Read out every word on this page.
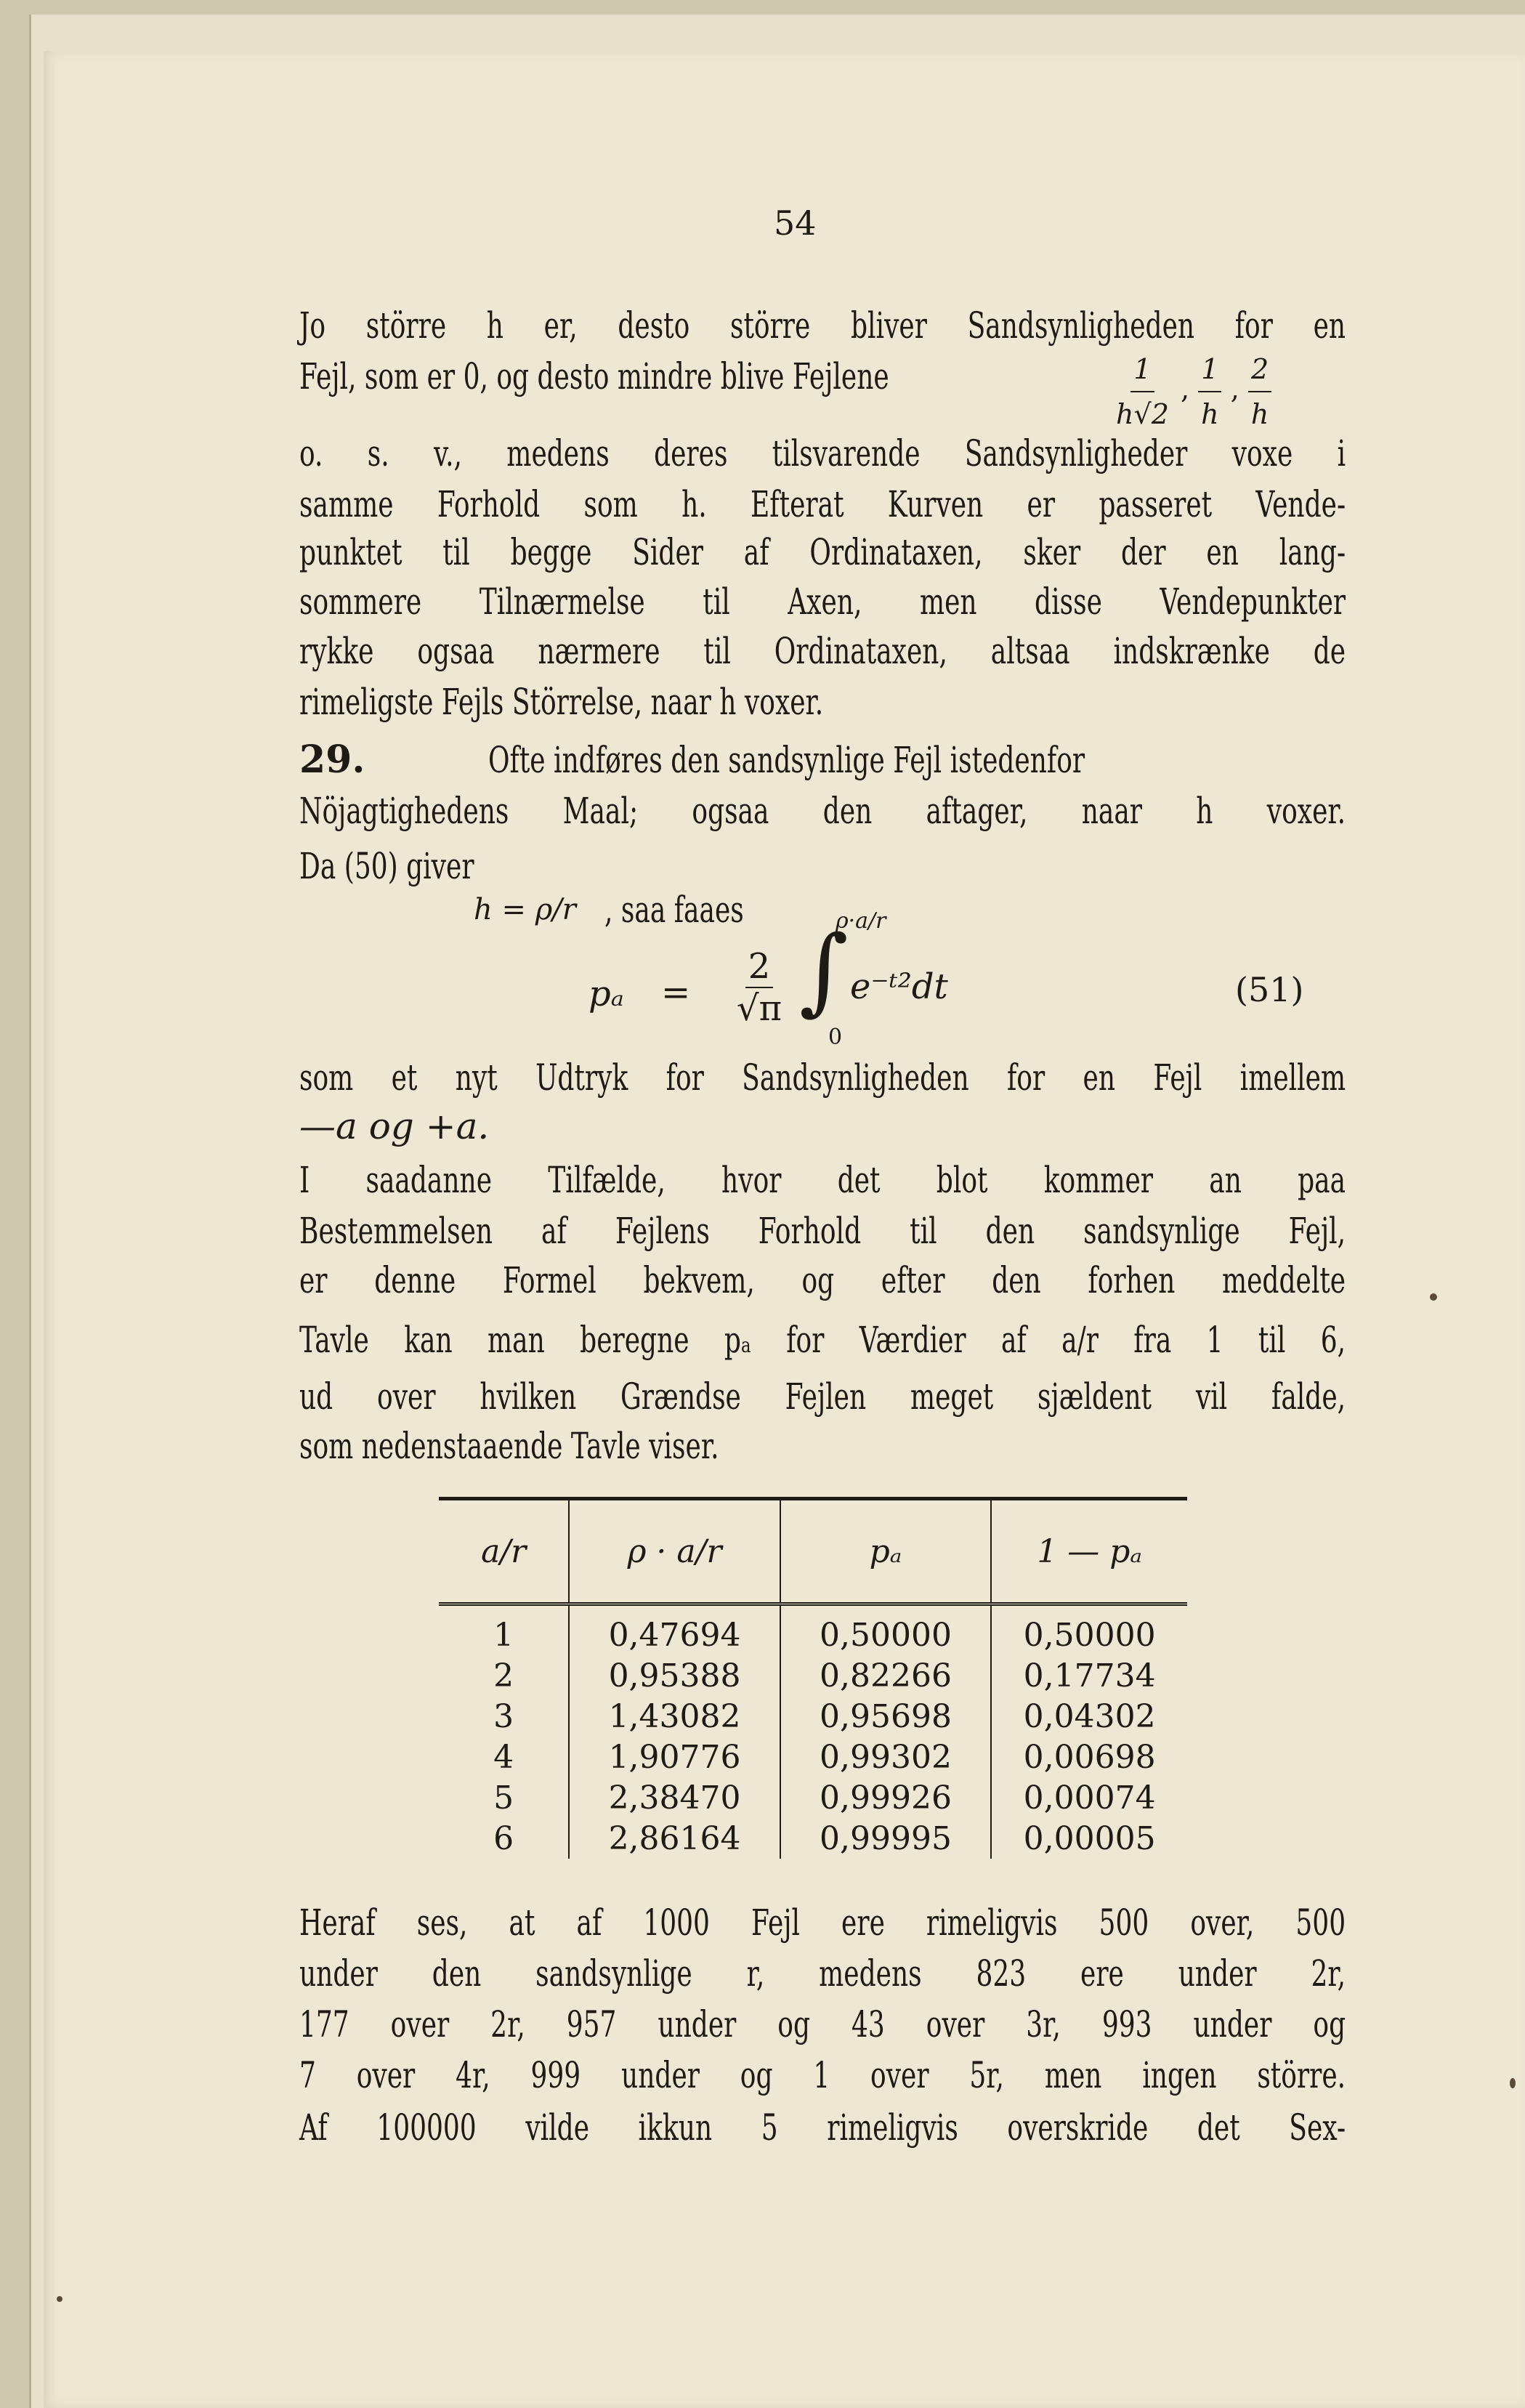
54
Jo större h er, desto större bliver Sandsynligheden for en
Fejl, som er 0, og desto mindre blive Fejlene	$\frac{1}{h√2}$ , $\frac{1}{h}$ , $\frac{2}{h}$
o. s. v., medens deres tilsvarende Sandsynligheder voxe i
samme Forhold som h. Efterat Kurven er passeret Vende-
punktet til begge Sider af Ordinataxen, sker der en lang-
sommere Tilnærmelse til Axen, men disse Vendepunkter
rykke ogsaa nærmere til Ordinataxen, altsaa indskrænke de
rimeligste Fejls Störrelse, naar h voxer.
29.	Ofte indføres den sandsynlige Fejl istedenfor
Nöjagtighedens Maal; ogsaa den aftager, naar h voxer.
Da (50) giver
h = ρ/r , saa faaes
$p_a = \frac{2}{√\pi}$ ∫
ρ·a/r
0
e⁻ᵗ²dt	(51)
som et nyt Udtryk for Sandsynligheden for en Fejl imellem
—a og +a.
I saadanne Tilfælde, hvor det blot kommer an paa
Bestemmelsen af Fejlens Forhold til den sandsynlige Fejl,
er denne Formel bekvem, og efter den forhen meddelte
Tavle kan man beregne pₐ for Værdier af a/r fra 1 til 6,
ud over hvilken Grændse Fejlen meget sjældent vil falde,
som nedenstaaende Tavle viser.
a/r	ρ · a/r	pₐ	1 — pₐ
1	0,47694	0,50000	0,50000
2	0,95388	0,82266	0,17734
3	1,43082	0,95698	0,04302
4	1,90776	0,99302	0,00698
5	2,38470	0,99926	0,00074
6	2,86164	0,99995	0,00005
Heraf ses, at af 1000 Fejl ere rimeligvis 500 over, 500
under den sandsynlige r, medens 823 ere under 2r,
177 over 2r, 957 under og 43 over 3r, 993 under og
7 over 4r, 999 under og 1 over 5r, men ingen större.
Af 100000 vilde ikkun 5 rimeligvis overskride det Sex-
